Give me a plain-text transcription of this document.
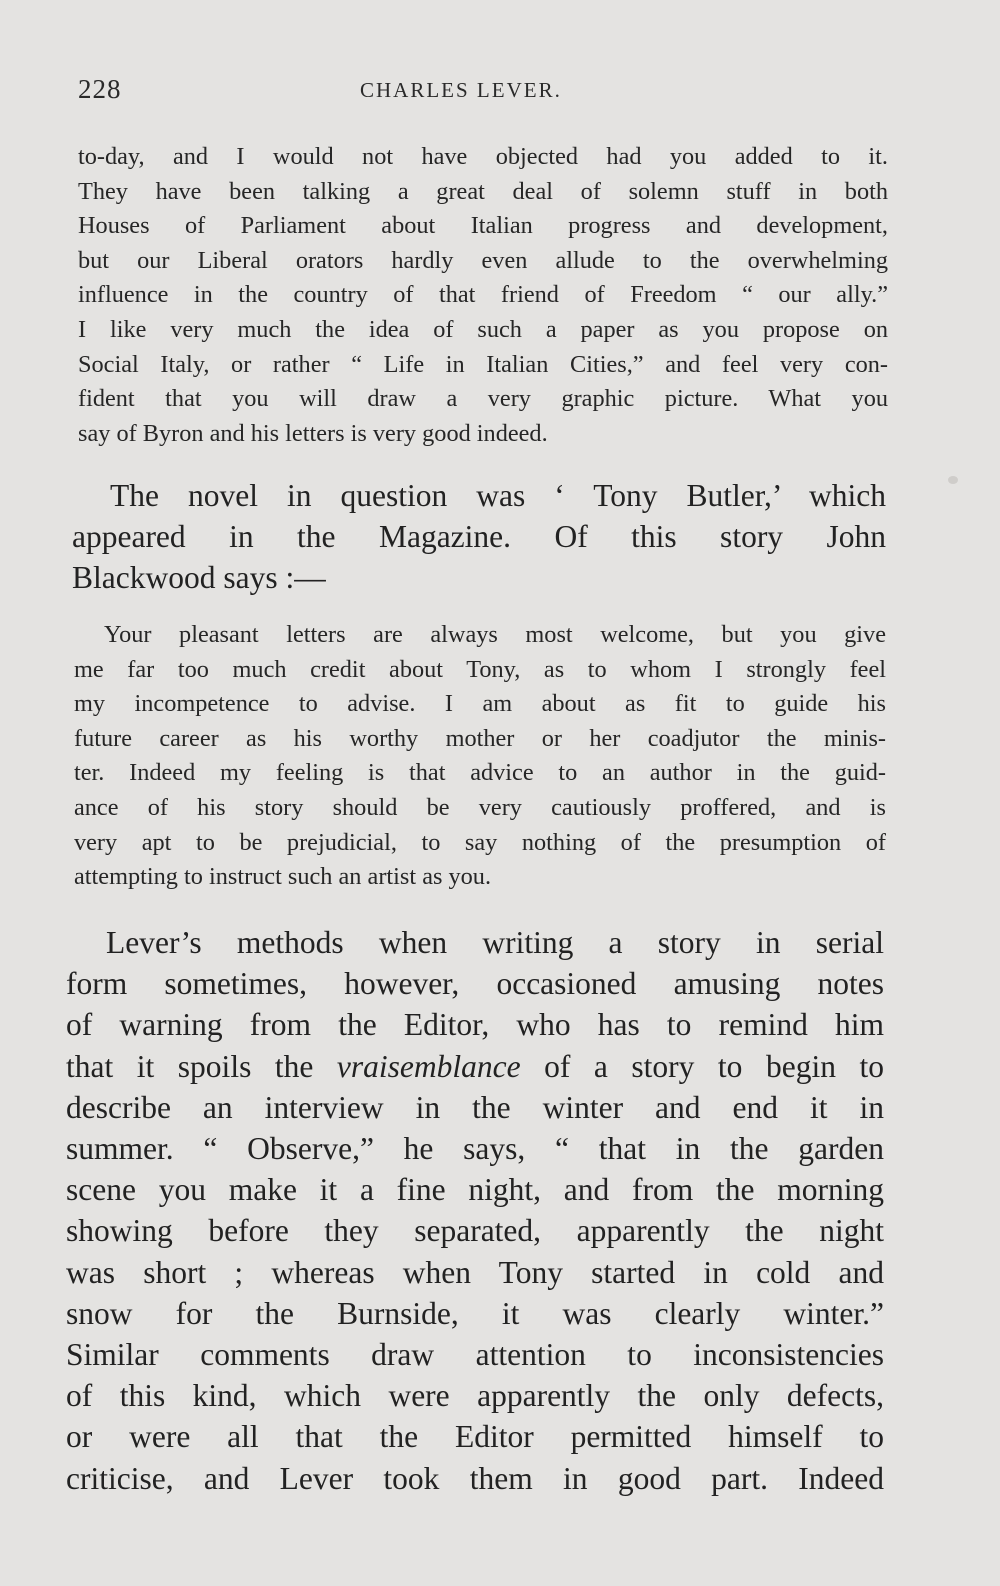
228	CHARLES LEVER.
to-day, and I would not have objected had you added to it.
They have been talking a great deal of solemn stuff in both
Houses of Parliament about Italian progress and development,
but our Liberal orators hardly even allude to the overwhelming
influence in the country of that friend of Freedom “ our ally.”
I like very much the idea of such a paper as you propose on
Social Italy, or rather “ Life in Italian Cities,” and feel very con-
fident that you will draw a very graphic picture. What you
say of Byron and his letters is very good indeed.
The novel in question was ‘ Tony Butler,’ which
appeared in the Magazine. Of this story John
Blackwood says :—
Your pleasant letters are always most welcome, but you give
me far too much credit about Tony, as to whom I strongly feel
my incompetence to advise. I am about as fit to guide his
future career as his worthy mother or her coadjutor the minis-
ter. Indeed my feeling is that advice to an author in the guid-
ance of his story should be very cautiously proffered, and is
very apt to be prejudicial, to say nothing of the presumption of
attempting to instruct such an artist as you.
Lever’s methods when writing a story in serial
form sometimes, however, occasioned amusing notes
of warning from the Editor, who has to remind him
that it spoils the vraisemblance of a story to begin to
describe an interview in the winter and end it in
summer. “ Observe,” he says, “ that in the garden
scene you make it a fine night, and from the morning
showing before they separated, apparently the night
was short ; whereas when Tony started in cold and
snow for the Burnside, it was clearly winter.”
Similar comments draw attention to inconsistencies
of this kind, which were apparently the only defects,
or were all that the Editor permitted himself to
criticise, and Lever took them in good part. Indeed
